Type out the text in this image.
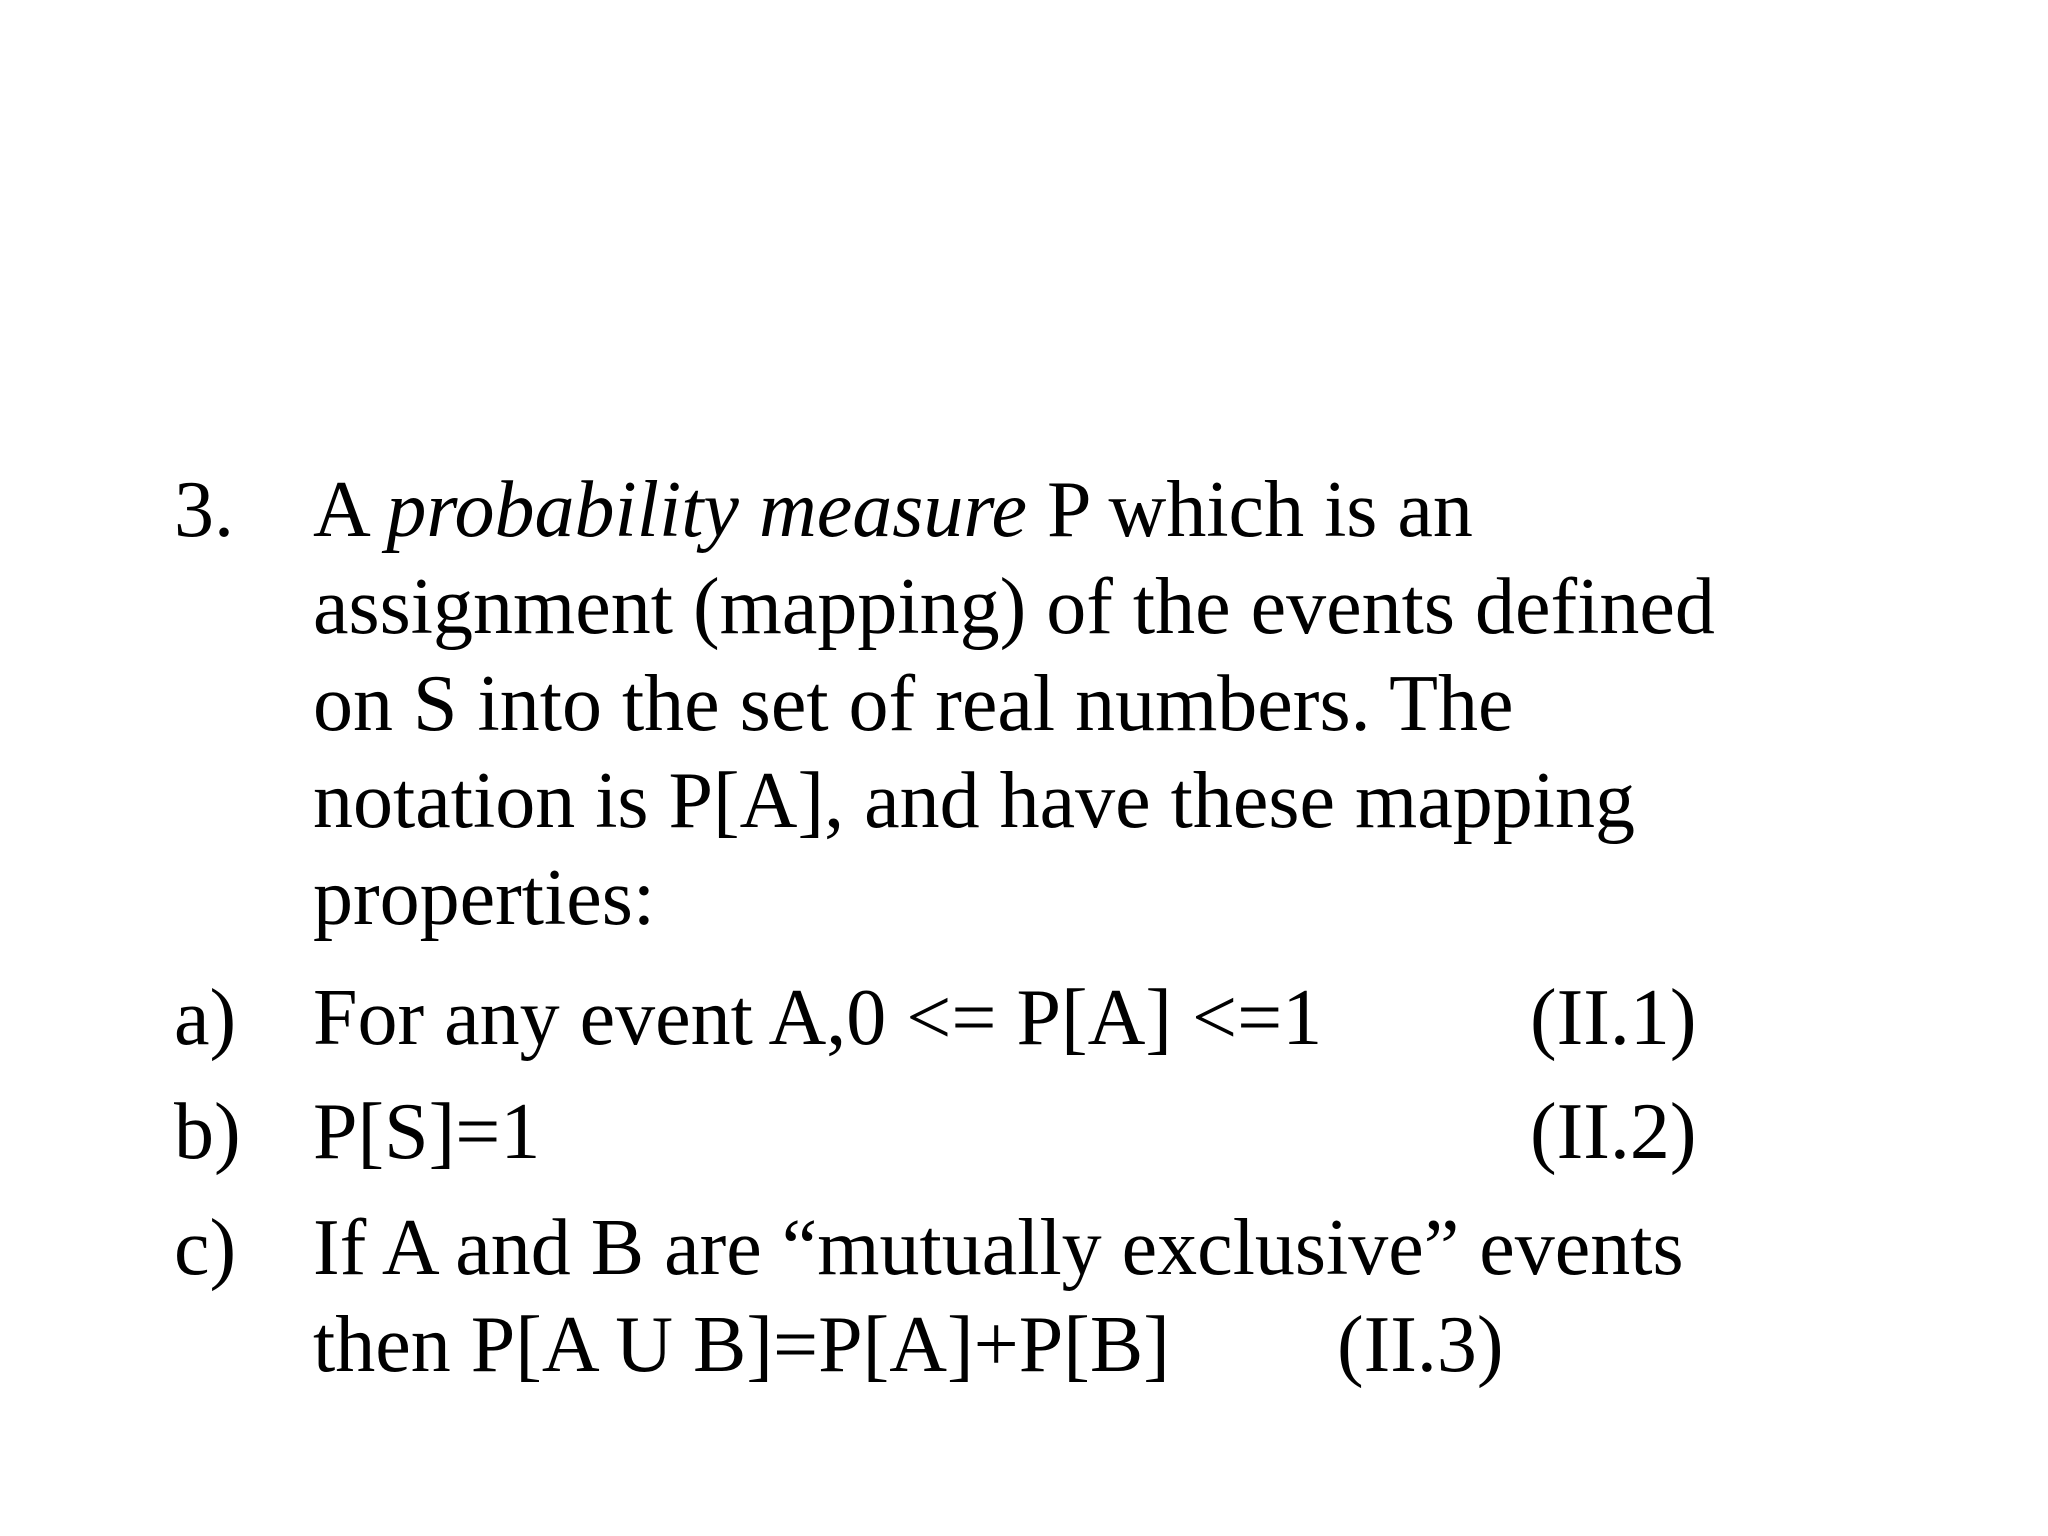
3. A probability measure P which is an
assignment (mapping) of the events defined
on S into the set of real numbers. The
notation is P[A], and have these mapping
properties:
a) For any event A,0 <= P[A] <=1	(II.1)
b) P[S]=1	(II.2)
c) If A and B are “mutually exclusive” events
then P[A U B]=P[A]+P[B]	(II.3)
